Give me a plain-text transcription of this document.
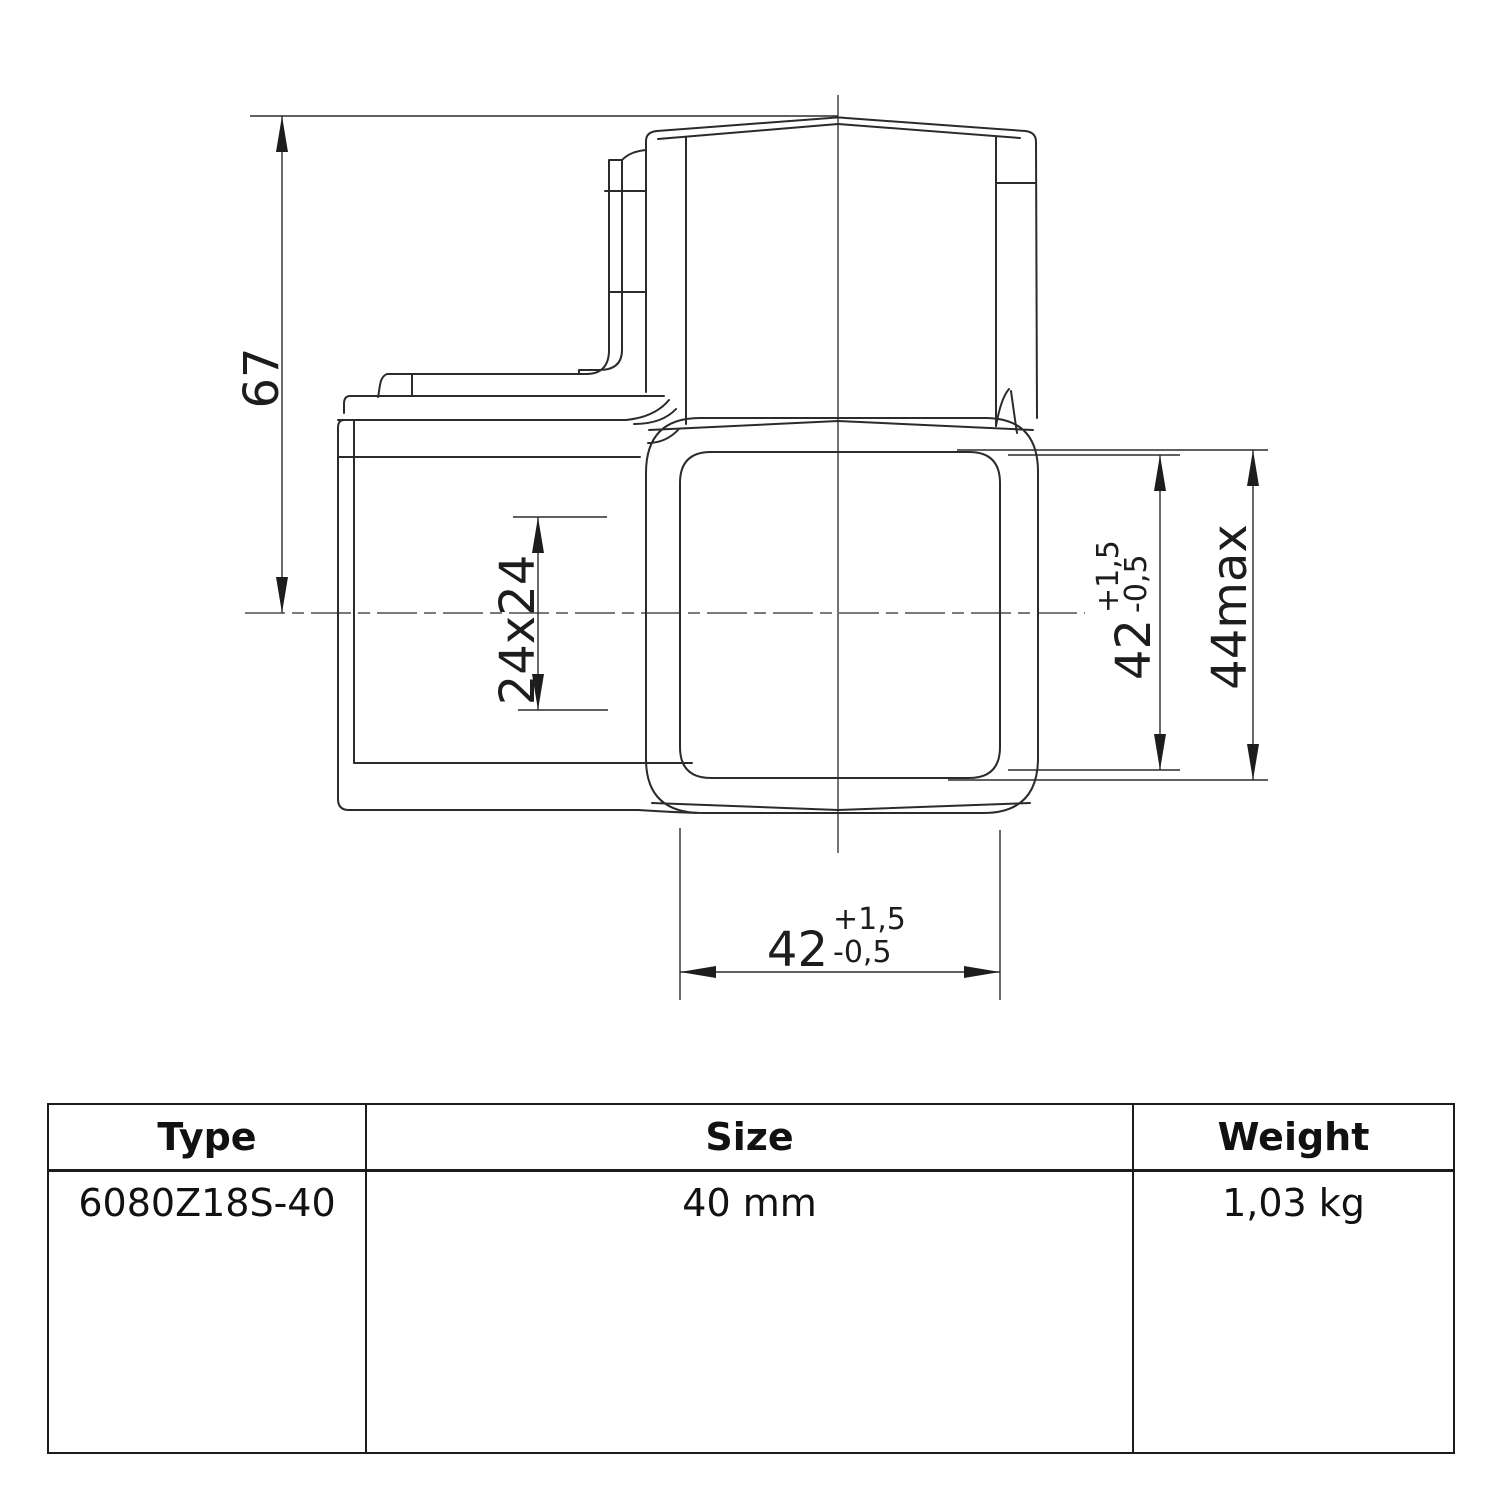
67
24x24	42
+1,5
-0,5 44max
42
+1,5
-0,5
Type	Size	Weight
6080Z18S-40	40 mm	1,03 kg
